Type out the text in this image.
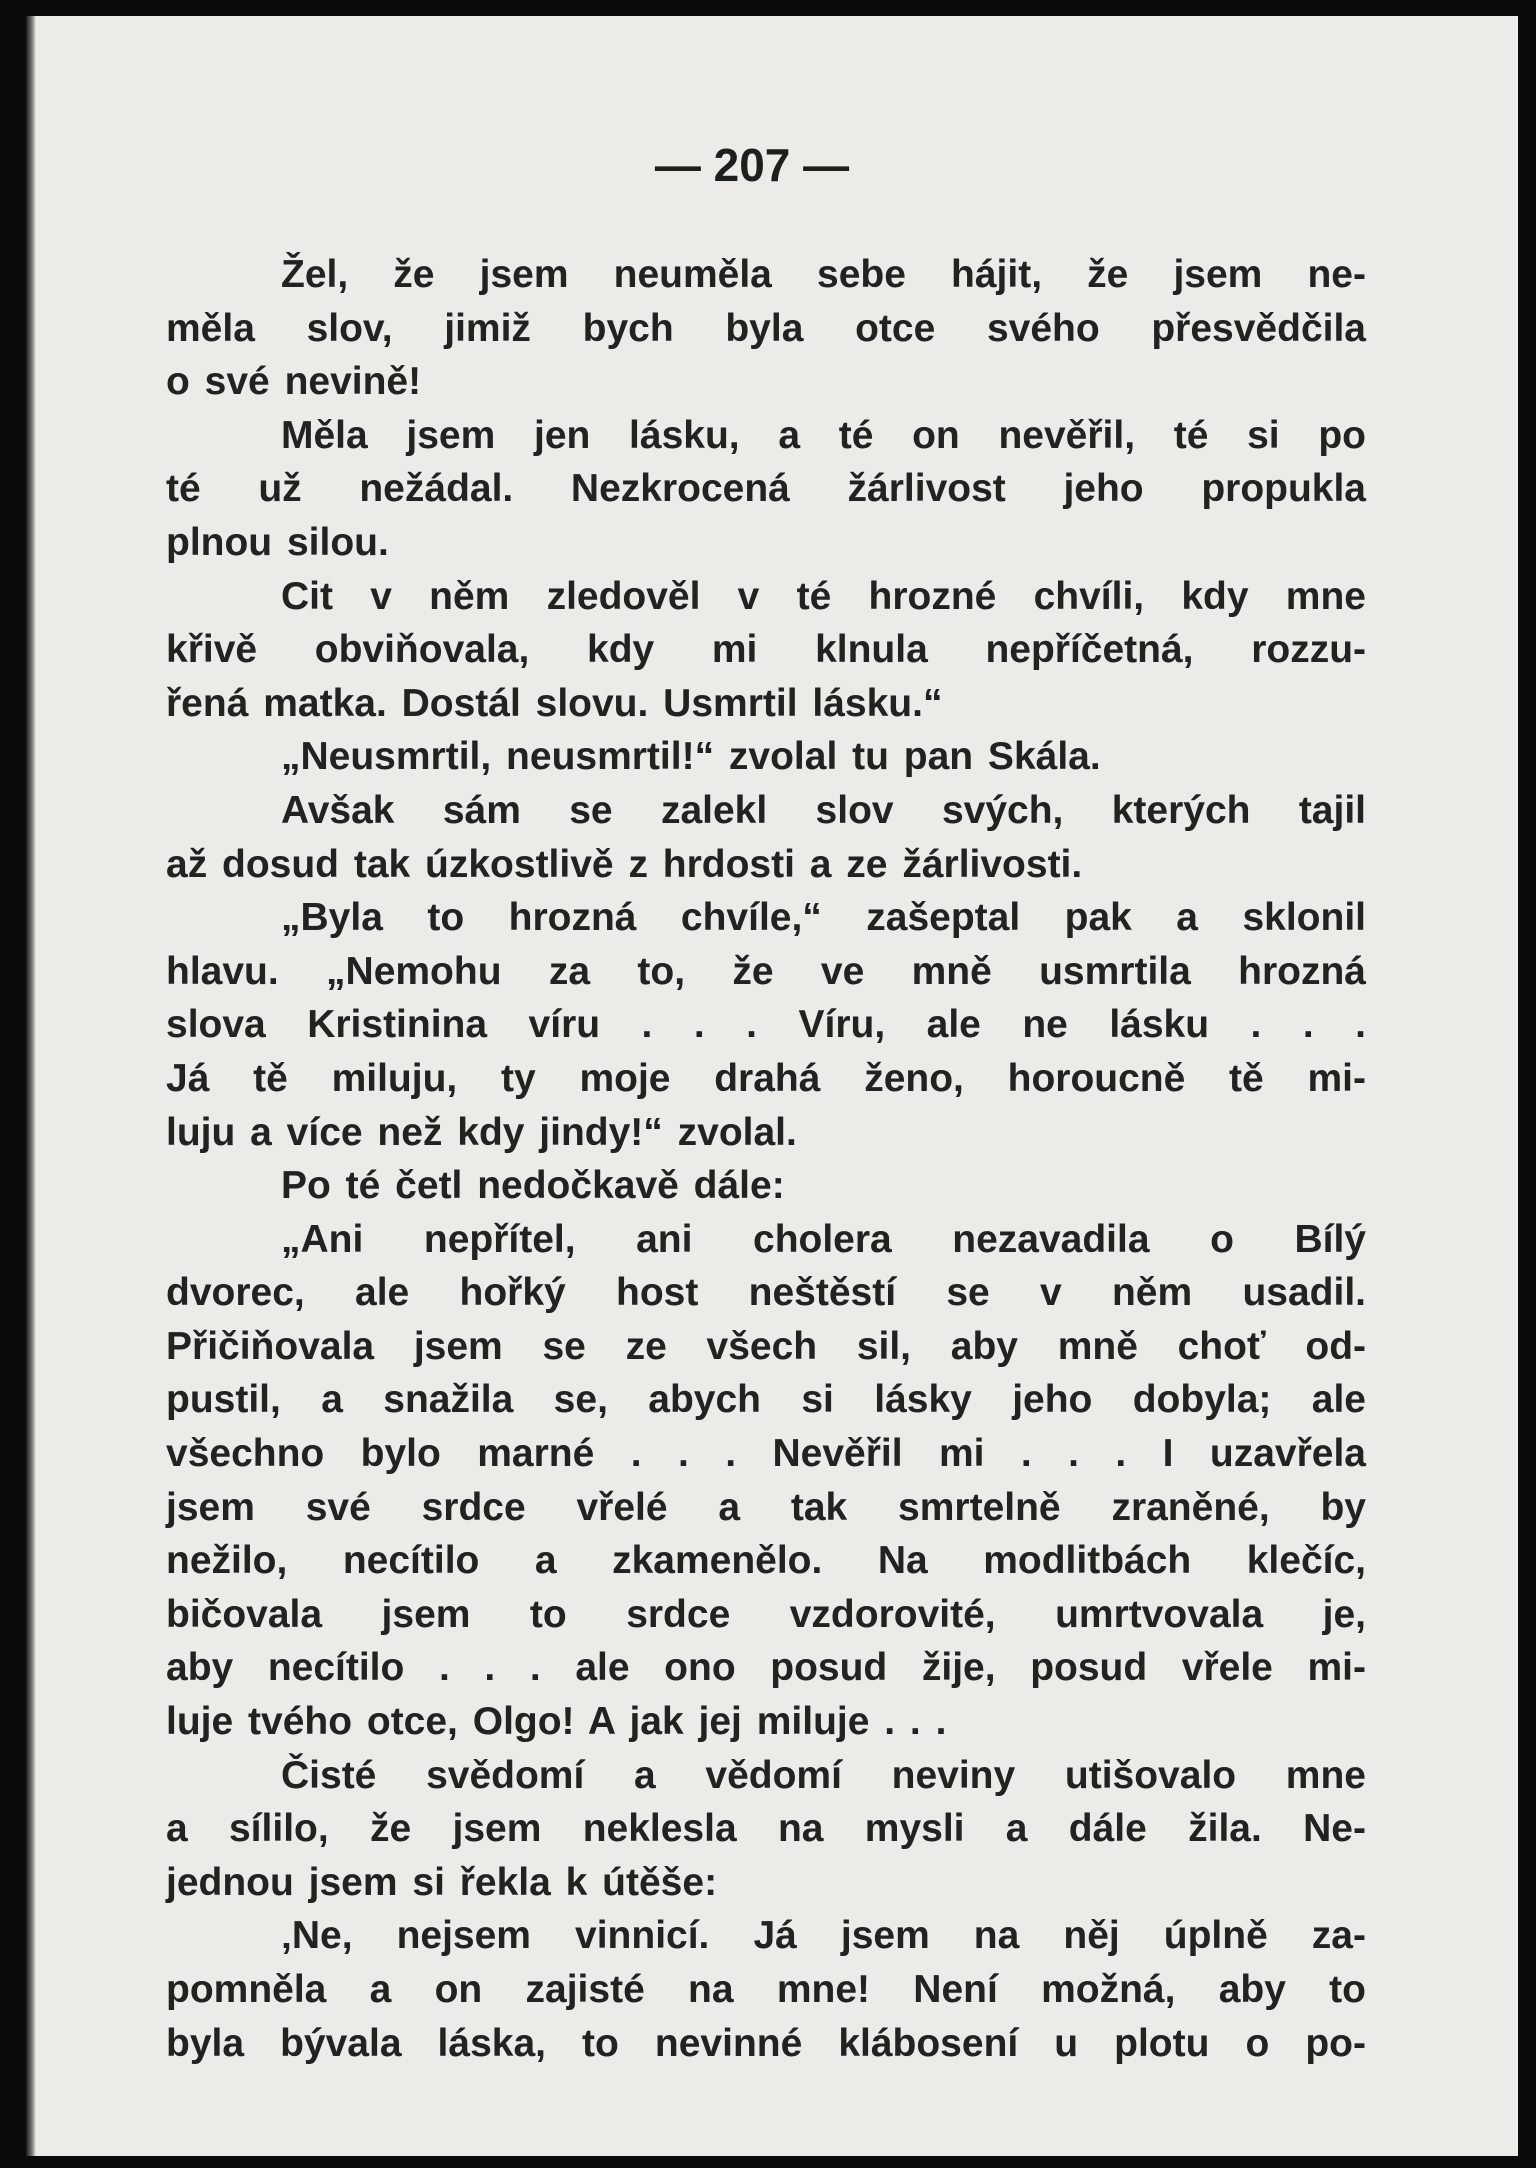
— 207 —
Žel, že jsem neuměla sebe hájit, že jsem ne-
měla slov, jimiž bych byla otce svého přesvědčila
o své nevině!
Měla jsem jen lásku, a té on nevěřil, té si po
té už nežádal. Nezkrocená žárlivost jeho propukla
plnou silou.
Cit v něm zledověl v té hrozné chvíli, kdy mne
křivě obviňovala, kdy mi klnula nepříčetná, rozzu-
řená matka. Dostál slovu. Usmrtil lásku.“
„Neusmrtil, neusmrtil!“ zvolal tu pan Skála.
Avšak sám se zalekl slov svých, kterých tajil
až dosud tak úzkostlivě z hrdosti a ze žárlivosti.
„Byla to hrozná chvíle,“ zašeptal pak a sklonil
hlavu. „Nemohu za to, že ve mně usmrtila hrozná
slova Kristinina víru . . . Víru, ale ne lásku . . .
Já tě miluju, ty moje drahá ženo, horoucně tě mi-
luju a více než kdy jindy!“ zvolal.
Po té četl nedočkavě dále:
„Ani nepřítel, ani cholera nezavadila o Bílý
dvorec, ale hořký host neštěstí se v něm usadil.
Přičiňovala jsem se ze všech sil, aby mně choť od-
pustil, a snažila se, abych si lásky jeho dobyla; ale
všechno bylo marné . . . Nevěřil mi . . . I uzavřela
jsem své srdce vřelé a tak smrtelně zraněné, by
nežilo, necítilo a zkamenělo. Na modlitbách klečíc,
bičovala jsem to srdce vzdorovité, umrtvovala je,
aby necítilo . . . ale ono posud žije, posud vřele mi-
luje tvého otce, Olgo! A jak jej miluje . . .
Čisté svědomí a vědomí neviny utišovalo mne
a sílilo, že jsem neklesla na mysli a dále žila. Ne-
jednou jsem si řekla k útěše:
‚Ne, nejsem vinnicí. Já jsem na něj úplně za-
pomněla a on zajisté na mne! Není možná, aby to
byla bývala láska, to nevinné klábosení u plotu o po-
